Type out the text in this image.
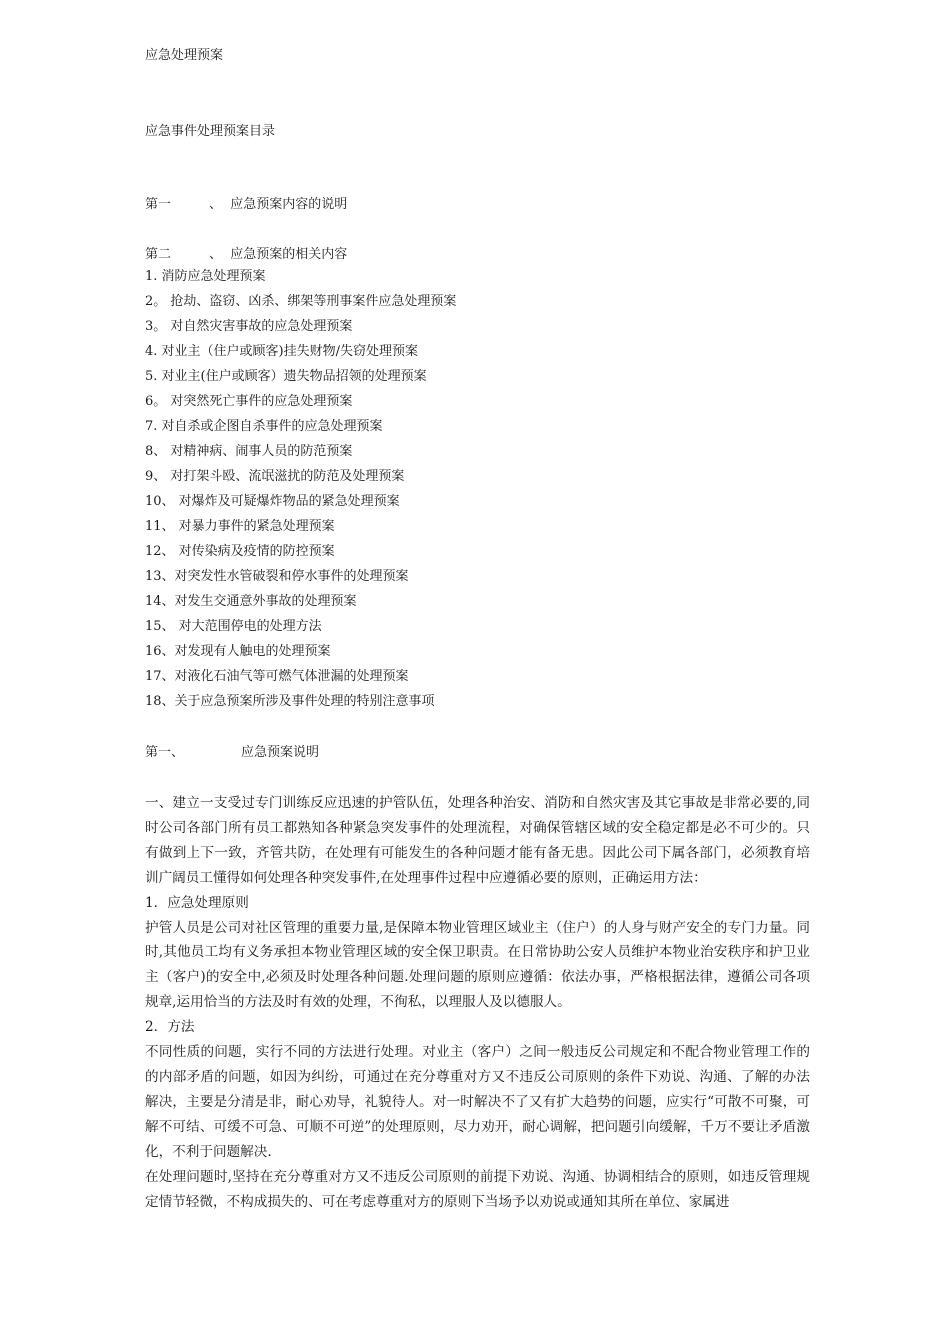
应急处理预案
应急事件处理预案目录
第一	、 应急预案内容的说明
第二	、 应急预案的相关内容
1. 消防应急处理预案
2。 抢劫、盗窃、凶杀、绑架等刑事案件应急处理预案
3。 对自然灾害事故的应急处理预案
4. 对业主（住户或顾客)挂失财物/失窃处理预案
5. 对业主(住户或顾客）遗失物品招领的处理预案
6。 对突然死亡事件的应急处理预案
7. 对自杀或企图自杀事件的应急处理预案
8、 对精神病、闹事人员的防范预案
9、 对打架斗殴、流氓滋扰的防范及处理预案
10、 对爆炸及可疑爆炸物品的紧急处理预案
11、 对暴力事件的紧急处理预案
12、 对传染病及疫情的防控预案
13、对突发性水管破裂和停水事件的处理预案
14、对发生交通意外事故的处理预案
15、 对大范围停电的处理方法
16、对发现有人触电的处理预案
17、对液化石油气等可燃气体泄漏的处理预案
18、关于应急预案所涉及事件处理的特别注意事项
第一、	应急预案说明

一、建立一支受过专门训练反应迅速的护管队伍，处理各种治安、消防和自然灾害及其它事故是非常必要的,同时公司各部门所有员工都熟知各种紧急突发事件的处理流程，对确保管辖区域的安全稳定都是必不可少的。只有做到上下一致，齐管共防，在处理有可能发生的各种问题才能有备无患。因此公司下属各部门，必须教育培训广阔员工懂得如何处理各种突发事件,在处理事件过程中应遵循必要的原则，正确运用方法：

1．应急处理原则

护管人员是公司对社区管理的重要力量,是保障本物业管理区域业主（住户）的人身与财产安全的专门力量。同时,其他员工均有义务承担本物业管理区域的安全保卫职责。在日常协助公安人员维护本物业治安秩序和护卫业主（客户)的安全中,必须及时处理各种问题.处理问题的原则应遵循：依法办事，严格根据法律，遵循公司各项规章,运用恰当的方法及时有效的处理，不徇私，以理服人及以德服人。

2．方法

不同性质的问题，实行不同的方法进行处理。对业主（客户）之间一般违反公司规定和不配合物业管理工作的的内部矛盾的问题，如因为纠纷，可通过在充分尊重对方又不违反公司原则的条件下劝说、沟通、了解的办法解决，主要是分清是非，耐心劝导，礼貌待人。对一时解决不了又有扩大趋势的问题，应实行“可散不可聚，可解不可结、可缓不可急、可顺不可逆”的处理原则，尽力劝开，耐心调解，把问题引向缓解，千万不要让矛盾激化，不利于问题解决.

在处理问题时,坚持在充分尊重对方又不违反公司原则的前提下劝说、沟通、协调相结合的原则，如违反管理规定情节轻微，不构成损失的、可在考虑尊重对方的原则下当场予以劝说或通知其所在单位、家属进
